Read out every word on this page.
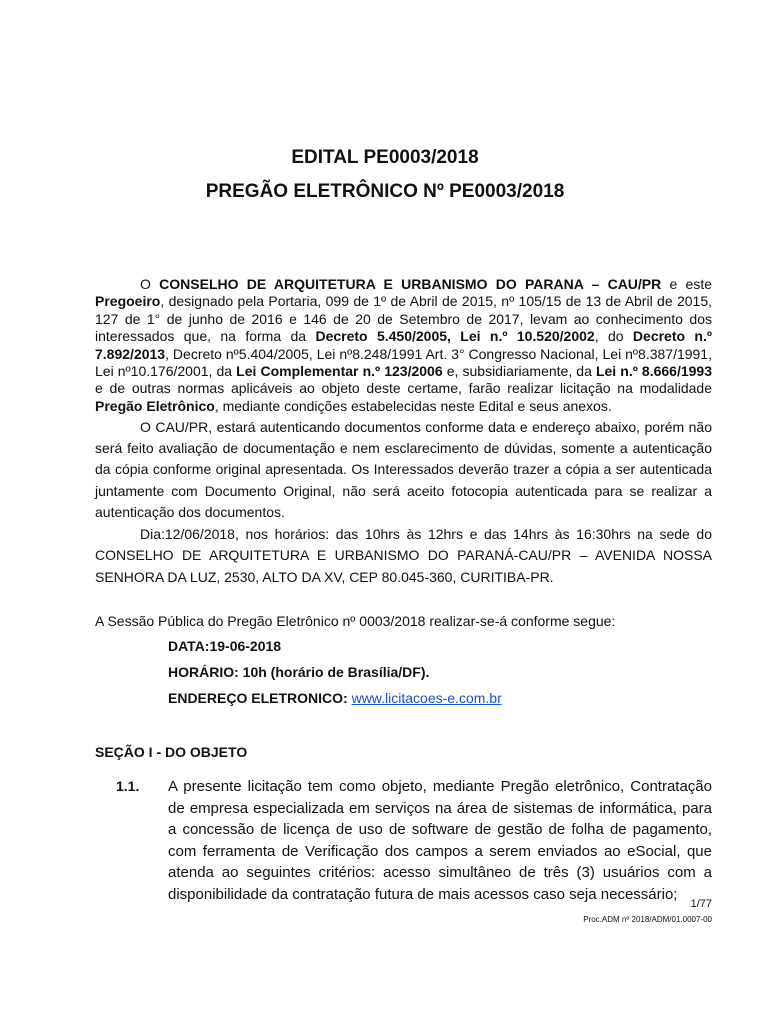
EDITAL PE0003/2018
PREGÃO ELETRÔNICO Nº PE0003/2018

O CONSELHO DE ARQUITETURA E URBANISMO DO PARANA – CAU/PR e este Pregoeiro, designado pela Portaria, 099 de 1º de Abril de 2015, nº 105/15 de 13 de Abril de 2015, 127 de 1° de junho de 2016 e 146 de 20 de Setembro de 2017, levam ao conhecimento dos interessados que, na forma da Decreto 5.450/2005, Lei n.º 10.520/2002, do Decreto n.º 7.892/2013, Decreto nº5.404/2005, Lei nº8.248/1991 Art. 3° Congresso Nacional, Lei nº8.387/1991, Lei nº10.176/2001, da Lei Complementar n.º 123/2006 e, subsidiariamente, da Lei n.º 8.666/1993 e de outras normas aplicáveis ao objeto deste certame, farão realizar licitação na modalidade Pregão Eletrônico, mediante condições estabelecidas neste Edital e seus anexos.

O CAU/PR, estará autenticando documentos conforme data e endereço abaixo, porém não será feito avaliação de documentação e nem esclarecimento de dúvidas, somente a autenticação da cópia conforme original apresentada. Os Interessados deverão trazer a cópia a ser autenticada juntamente com Documento Original, não será aceito fotocopia autenticada para se realizar a autenticação dos documentos.

Dia:12/06/2018, nos horários: das 10hrs às 12hrs e das 14hrs às 16:30hrs na sede do CONSELHO DE ARQUITETURA E URBANISMO DO PARANÁ-CAU/PR – AVENIDA NOSSA SENHORA DA LUZ, 2530, ALTO DA XV, CEP 80.045-360, CURITIBA-PR.

A Sessão Pública do Pregão Eletrônico nº 0003/2018 realizar-se-á conforme segue:

DATA:19-06-2018

HORÁRIO: 10h (horário de Brasília/DF).

ENDEREÇO ELETRONICO: www.licitacoes-e.com.br

SEÇÃO I - DO OBJETO

1.1. A presente licitação tem como objeto, mediante Pregão eletrônico, Contratação de empresa especializada em serviços na área de sistemas de informática, para a concessão de licença de uso de software de gestão de folha de pagamento, com ferramenta de Verificação dos campos a serem enviados ao eSocial, que atenda ao seguintes critérios: acesso simultâneo de três (3) usuários com a disponibilidade da contratação futura de mais acessos caso seja necessário;

1/77

Proc.ADM nº 2018/ADM/01.0007-00
